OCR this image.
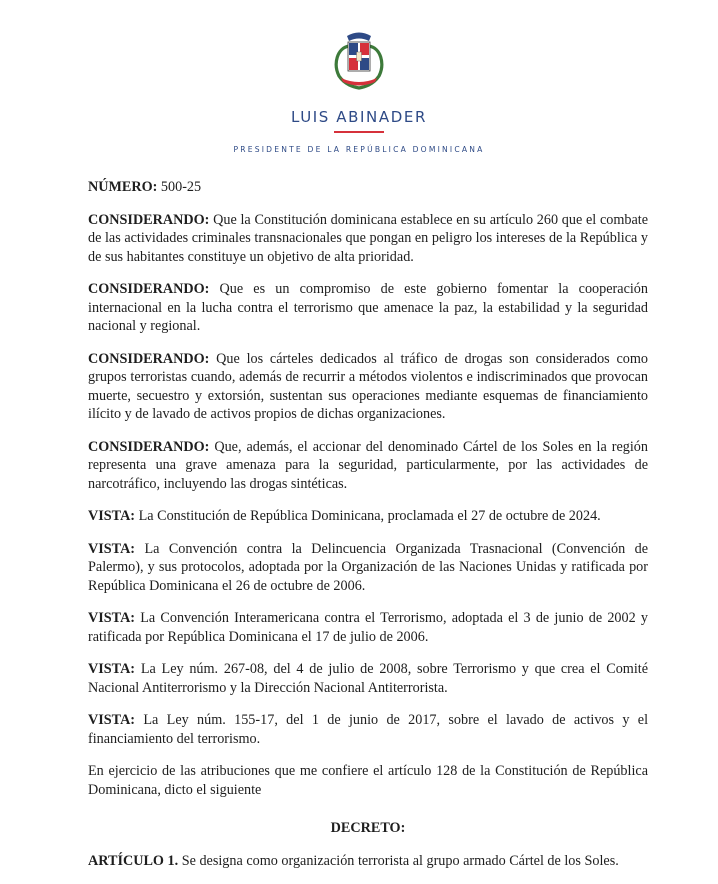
LUIS ABINADER
PRESIDENTE DE LA REPÚBLICA DOMINICANA
NÚMERO: 500-25

CONSIDERANDO: Que la Constitución dominicana establece en su artículo 260 que el combate de las actividades criminales transnacionales que pongan en peligro los intereses de la República y de sus habitantes constituye un objetivo de alta prioridad.

CONSIDERANDO: Que es un compromiso de este gobierno fomentar la cooperación internacional en la lucha contra el terrorismo que amenace la paz, la estabilidad y la seguridad nacional y regional.

CONSIDERANDO: Que los cárteles dedicados al tráfico de drogas son considerados como grupos terroristas cuando, además de recurrir a métodos violentos e indiscriminados que provocan muerte, secuestro y extorsión, sustentan sus operaciones mediante esquemas de financiamiento ilícito y de lavado de activos propios de dichas organizaciones.

CONSIDERANDO: Que, además, el accionar del denominado Cártel de los Soles en la región representa una grave amenaza para la seguridad, particularmente, por las actividades de narcotráfico, incluyendo las drogas sintéticas.

VISTA: La Constitución de República Dominicana, proclamada el 27 de octubre de 2024.

VISTA: La Convención contra la Delincuencia Organizada Trasnacional (Convención de Palermo), y sus protocolos, adoptada por la Organización de las Naciones Unidas y ratificada por República Dominicana el 26 de octubre de 2006.

VISTA: La Convención Interamericana contra el Terrorismo, adoptada el 3 de junio de 2002 y ratificada por República Dominicana el 17 de julio de 2006.

VISTA: La Ley núm. 267-08, del 4 de julio de 2008, sobre Terrorismo y que crea el Comité Nacional Antiterrorismo y la Dirección Nacional Antiterrorista.

VISTA: La Ley núm. 155-17, del 1 de junio de 2017, sobre el lavado de activos y el financiamiento del terrorismo.

En ejercicio de las atribuciones que me confiere el artículo 128 de la Constitución de República Dominicana, dicto el siguiente

DECRETO:

ARTÍCULO 1. Se designa como organización terrorista al grupo armado Cártel de los Soles.
